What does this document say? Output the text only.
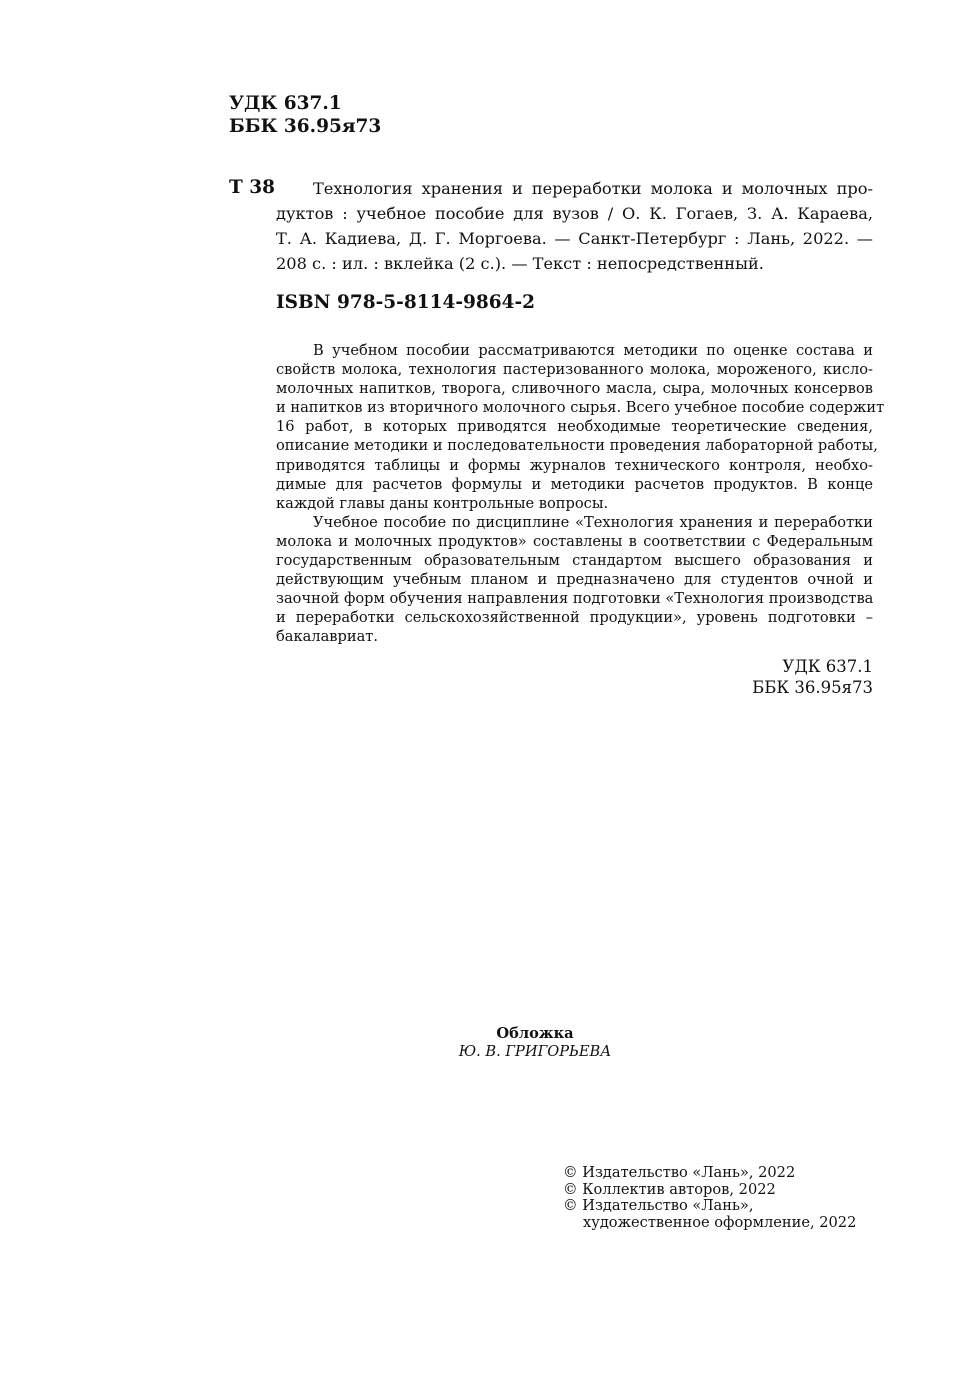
УДК 637.1
ББК 36.95я73
Т 38	Технология хранения и переработки молока и молочных про-
дуктов : учебное пособие для вузов / О. К. Гогаев, З. А. Караева,
Т. А. Кадиева, Д. Г. Моргоева. — Санкт-Петербург : Лань, 2022. —
208 с. : ил. : вклейка (2 с.). — Текст : непосредственный.
ISBN 978-5-8114-9864-2
В учебном пособии рассматриваются методики по оценке состава и
свойств молока, технология пастеризованного молока, мороженого, кисло-
молочных напитков, творога, сливочного масла, сыра, молочных консервов
и напитков из вторичного молочного сырья. Всего учебное пособие содержит
16 работ, в которых приводятся необходимые теоретические сведения,
описание методики и последовательности проведения лабораторной работы,
приводятся таблицы и формы журналов технического контроля, необхо-
димые для расчетов формулы и методики расчетов продуктов. В конце
каждой главы даны контрольные вопросы.
Учебное пособие по дисциплине «Технология хранения и переработки
молока и молочных продуктов» составлены в соответствии с Федеральным
государственным образовательным стандартом высшего образования и
действующим учебным планом и предназначено для студентов очной и
заочной форм обучения направления подготовки «Технология производства
и переработки сельскохозяйственной продукции», уровень подготовки –
бакалавриат.
УДК 637.1
ББК 36.95я73
Обложка
Ю. В. ГРИГОРЬЕВА
© Издательство «Лань», 2022
© Коллектив авторов, 2022
© Издательство «Лань»,
художественное оформление, 2022
